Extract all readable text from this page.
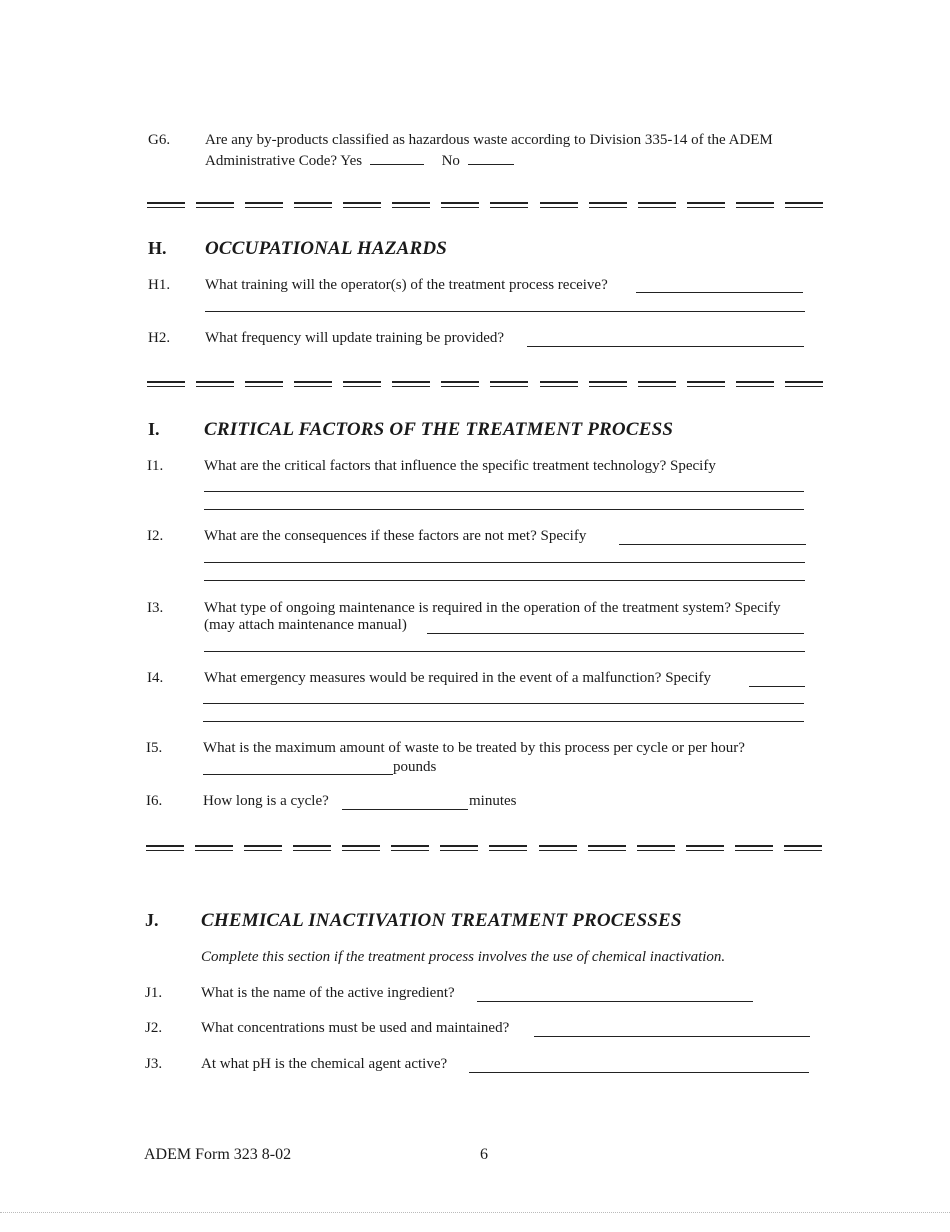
G6. Are any by-products classified as hazardous waste according to Division 335-14 of the ADEM
Administrative Code? Yes	No
H. OCCUPATIONAL HAZARDS
H1. What training will the operator(s) of the treatment process receive?
H2. What frequency will update training be provided?
I. CRITICAL FACTORS OF THE TREATMENT PROCESS
I1.	What are the critical factors that influence the specific treatment technology? Specify
I2.	What are the consequences if these factors are not met? Specify
I3.	What type of ongoing maintenance is required in the operation of the treatment system? Specify
(may attach maintenance manual)
I4.	What emergency measures would be required in the event of a malfunction? Specify
I5.	What is the maximum amount of waste to be treated by this process per cycle or per hour?
pounds
I6.	How long is a cycle?	minutes
J. CHEMICAL INACTIVATION TREATMENT PROCESSES
Complete this section if the treatment process involves the use of chemical inactivation.
J1.	What is the name of the active ingredient?
J2.	What concentrations must be used and maintained?
J3.	At what pH is the chemical agent active?
ADEM Form 323 8-02	6
